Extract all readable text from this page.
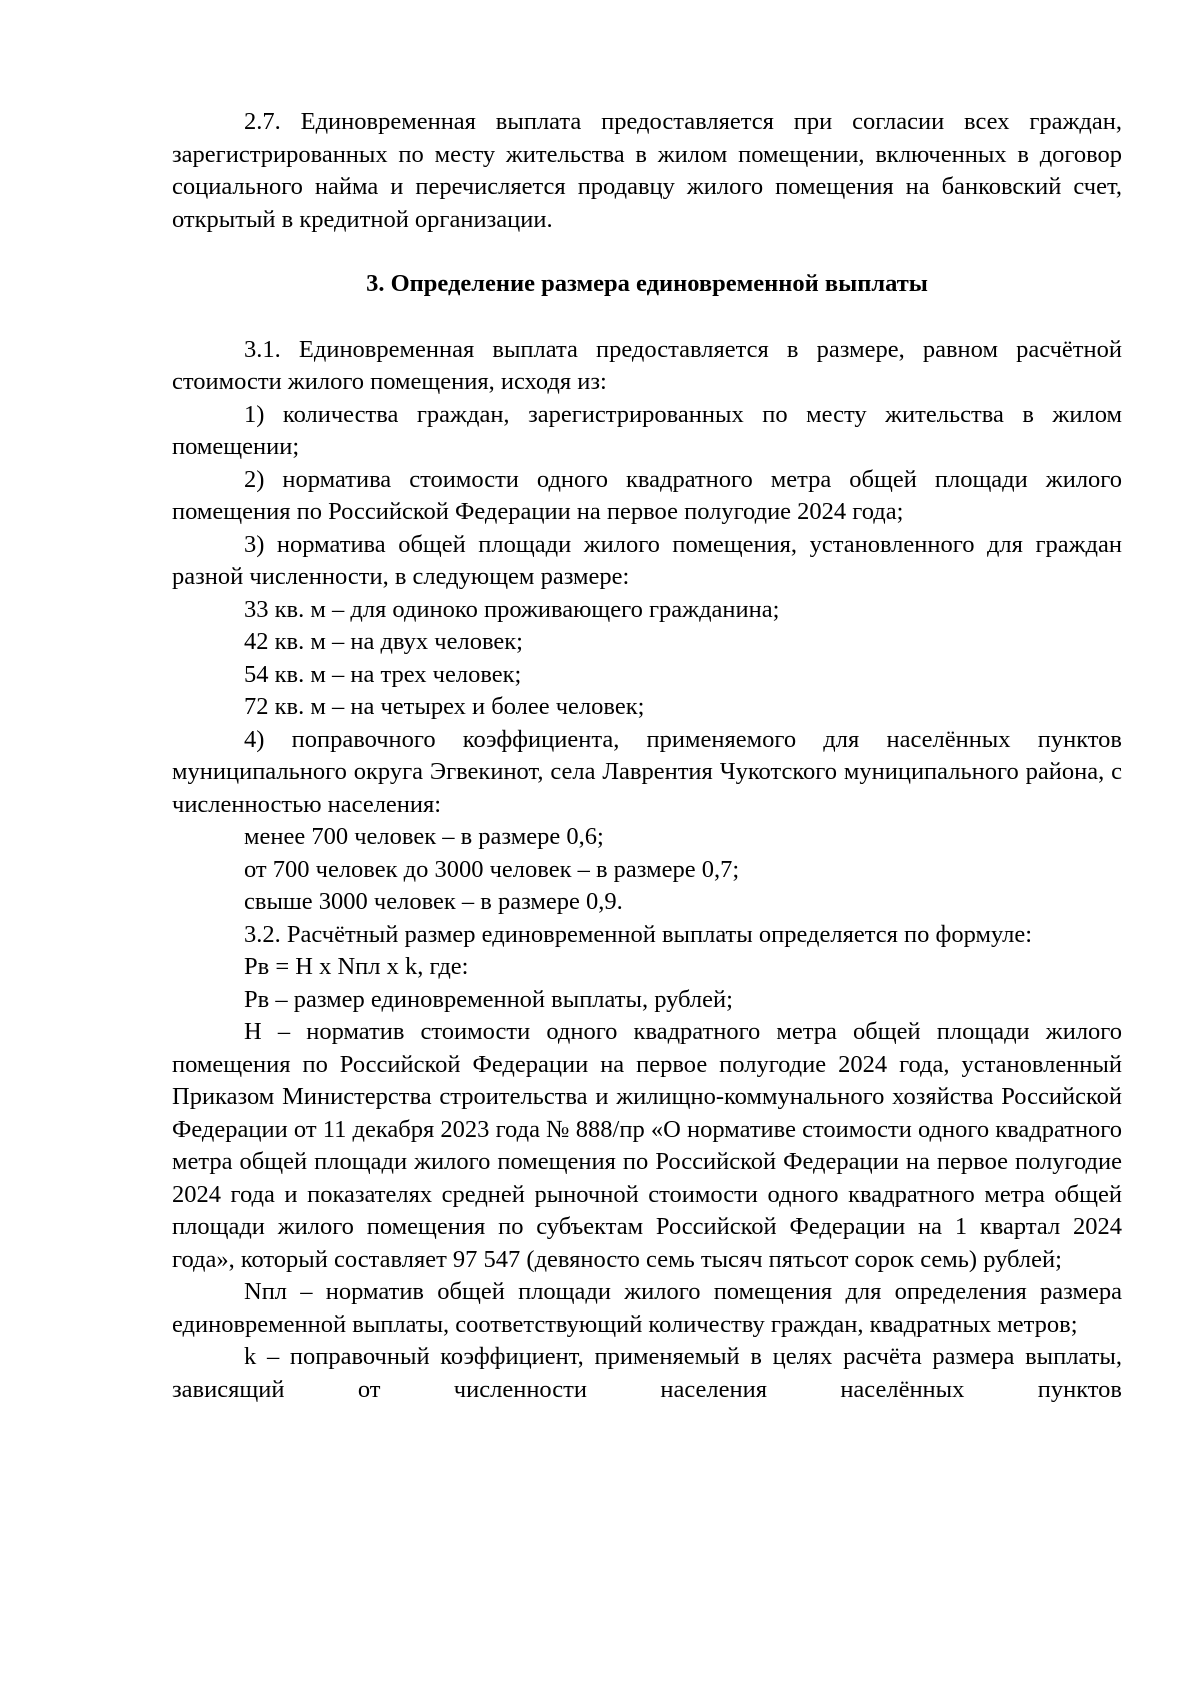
2.7. Единовременная выплата предоставляется при согласии всех граждан, зарегистрированных по месту жительства в жилом помещении, включенных в договор социального найма и перечисляется продавцу жилого помещения на банковский счет, открытый в кредитной организации.

3. Определение размера единовременной выплаты

3.1. Единовременная выплата предоставляется в размере, равном расчётной стоимости жилого помещения, исходя из:

1) количества граждан, зарегистрированных по месту жительства в жилом помещении;

2) норматива стоимости одного квадратного метра общей площади жилого помещения по Российской Федерации на первое полугодие 2024 года;

3) норматива общей площади жилого помещения, установленного для граждан разной численности, в следующем размере:

33 кв. м – для одиноко проживающего гражданина;

42 кв. м – на двух человек;

54 кв. м – на трех человек;

72 кв. м – на четырех и более человек;

4) поправочного коэффициента, применяемого для населённых пунктов муниципального округа Эгвекинот, села Лаврентия Чукотского муниципального района, с численностью населения:

менее 700 человек – в размере 0,6;

от 700 человек до 3000 человек – в размере 0,7;

свыше 3000 человек – в размере 0,9.

3.2. Расчётный размер единовременной выплаты определяется по формуле:

Рв = Н х Nпл х k, где:

Рв – размер единовременной выплаты, рублей;

Н – норматив стоимости одного квадратного метра общей площади жилого помещения по Российской Федерации на первое полугодие 2024 года, установленный Приказом Министерства строительства и жилищно-коммунального хозяйства Российской Федерации от 11 декабря 2023 года № 888/пр «О нормативе стоимости одного квадратного метра общей площади жилого помещения по Российской Федерации на первое полугодие 2024 года и показателях средней рыночной стоимости одного квадратного метра общей площади жилого помещения по субъектам Российской Федерации на 1 квартал 2024 года», который составляет 97 547 (девяносто семь тысяч пятьсот сорок семь) рублей;

Nпл – норматив общей площади жилого помещения для определения размера единовременной выплаты, соответствующий количеству граждан, квадратных метров;

k – поправочный коэффициент, применяемый в целях расчёта размера выплаты, зависящий от численности населения населённых пунктов
